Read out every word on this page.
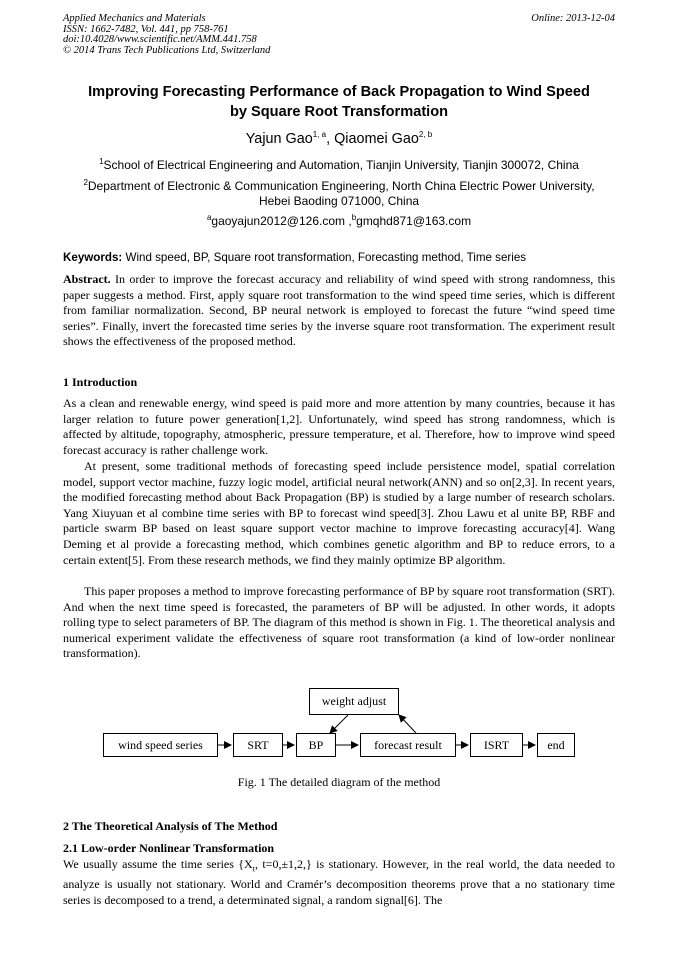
Applied Mechanics and Materials
ISSN: 1662-7482, Vol. 441, pp 758-761
doi:10.4028/www.scientific.net/AMM.441.758
© 2014 Trans Tech Publications Ltd, Switzerland
Online: 2013-12-04
Improving Forecasting Performance of Back Propagation to Wind Speed
by Square Root Transformation
Yajun Gao$^{1, a}$, Qiaomei Gao$^{2, b}$
$^1$School of Electrical Engineering and Automation, Tianjin University, Tianjin 300072, China
$^2$Department of Electronic & Communication Engineering, North China Electric Power University,
Hebei Baoding 071000, China
$^a$gaoyajun2012@126.com ,$^b$gmqhd871@163.com
Keywords: Wind speed, BP, Square root transformation, Forecasting method, Time series
Abstract. In order to improve the forecast accuracy and reliability of wind speed with strong randomness, this paper suggests a method. First, apply square root transformation to the wind speed time series, which is different from familiar normalization. Second, BP neural network is employed to forecast the future “wind speed time series”. Finally, invert the forecasted time series by the inverse square root transformation. The experiment result shows the effectiveness of the proposed method.
1 Introduction
As a clean and renewable energy, wind speed is paid more and more attention by many countries, because it has larger relation to future power generation[1,2]. Unfortunately, wind speed has strong randomness, which is affected by altitude, topography, atmospheric, pressure temperature, et al. Therefore, how to improve wind speed forecast accuracy is rather challenge work.
At present, some traditional methods of forecasting speed include persistence model, spatial correlation model, support vector machine, fuzzy logic model, artificial neural network(ANN) and so on[2,3]. In recent years, the modified forecasting method about Back Propagation (BP) is studied by a large number of research scholars. Yang Xiuyuan et al combine time series with BP to forecast wind speed[3]. Zhou Lawu et al unite BP, RBF and particle swarm BP based on least square support vector machine to improve forecasting accuracy[4]. Wang Deming et al provide a forecasting method, which combines genetic algorithm and BP to reduce errors, to a certain extent[5]. From these research methods, we find they mainly optimize BP algorithm.
This paper proposes a method to improve forecasting performance of BP by square root transformation (SRT). And when the next time speed is forecasted, the parameters of BP will be adjusted. In other words, it adopts rolling type to select parameters of BP. The diagram of this method is shown in Fig. 1. The theoretical analysis and numerical experiment validate the effectiveness of square root transformation (a kind of low-order nonlinear transformation).
weight adjust
wind speed series	SRT	BP	forecast result	ISRT	end
Fig. 1 The detailed diagram of the method
2 The Theoretical Analysis of The Method
2.1 Low-order Nonlinear Transformation
We usually assume the time series {$X_t$, t=0,±1,2,} is stationary. However, in the real world, the data needed to analyze is usually not stationary. World and Cramér’s decomposition theorems prove that a no stationary time series is decomposed to a trend, a determinated signal, a random signal[6]. The
